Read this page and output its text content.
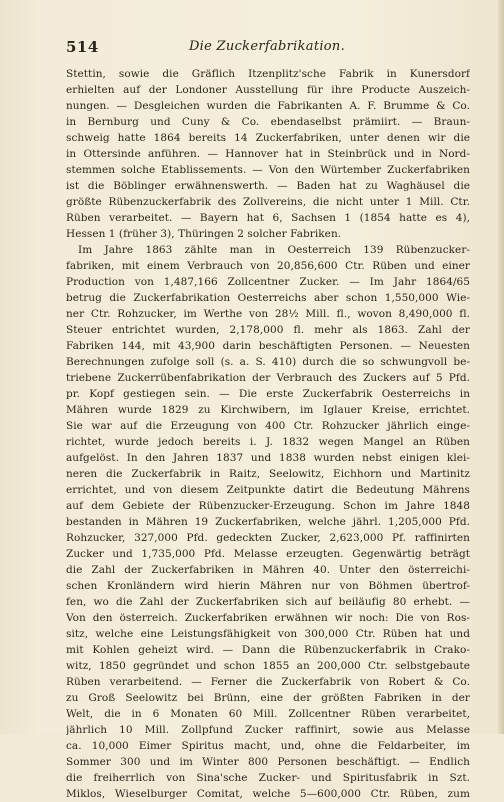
514	Die Zuckerfabrikation.
Stettin, sowie die Gräflich Itzenplitz'sche Fabrik in Kunersdorf
erhielten auf der Londoner Ausstellung für ihre Producte Auszeich-
nungen. — Desgleichen wurden die Fabrikanten A. F. Brumme & Co.
in Bernburg und Cuny & Co. ebendaselbst prämiirt. — Braun-
schweig hatte 1864 bereits 14 Zuckerfabriken, unter denen wir die
in Ottersinde anführen. — Hannover hat in Steinbrück und in Nord-
stemmen solche Etablissements. — Von den Würtember Zuckerfabriken
ist die Böblinger erwähnenswerth. — Baden hat zu Waghäusel die
größte Rübenzuckerfabrik des Zollvereins, die nicht unter 1 Mill. Ctr.
Rüben verarbeitet. — Bayern hat 6, Sachsen 1 (1854 hatte es 4),
Hessen 1 (früher 3), Thüringen 2 solcher Fabriken.
Im Jahre 1863 zählte man in Oesterreich 139 Rübenzucker-
fabriken, mit einem Verbrauch von 20,856,600 Ctr. Rüben und einer
Production von 1,487,166 Zollcentner Zucker. — Im Jahr 1864/65
betrug die Zuckerfabrikation Oesterreichs aber schon 1,550,000 Wie-
ner Ctr. Rohzucker, im Werthe von 28½ Mill. fl., wovon 8,490,000 fl.
Steuer entrichtet wurden, 2,178,000 fl. mehr als 1863. Zahl der
Fabriken 144, mit 43,900 darin beschäftigten Personen. — Neuesten
Berechnungen zufolge soll (s. a. S. 410) durch die so schwungvoll be-
triebene Zuckerrübenfabrikation der Verbrauch des Zuckers auf 5 Pfd.
pr. Kopf gestiegen sein. — Die erste Zuckerfabrik Oesterreichs in
Mähren wurde 1829 zu Kirchwibern, im Iglauer Kreise, errichtet.
Sie war auf die Erzeugung von 400 Ctr. Rohzucker jährlich einge-
richtet, wurde jedoch bereits i. J. 1832 wegen Mangel an Rüben
aufgelöst. In den Jahren 1837 und 1838 wurden nebst einigen klei-
neren die Zuckerfabrik in Raitz, Seelowitz, Eichhorn und Martinitz
errichtet, und von diesem Zeitpunkte datirt die Bedeutung Mährens
auf dem Gebiete der Rübenzucker-Erzeugung. Schon im Jahre 1848
bestanden in Mähren 19 Zuckerfabriken, welche jährl. 1,205,000 Pfd.
Rohzucker, 327,000 Pfd. gedeckten Zucker, 2,623,000 Pf. raffinirten
Zucker und 1,735,000 Pfd. Melasse erzeugten. Gegenwärtig beträgt
die Zahl der Zuckerfabriken in Mähren 40. Unter den österreichi-
schen Kronländern wird hierin Mähren nur von Böhmen übertrof-
fen, wo die Zahl der Zuckerfabriken sich auf beiläufig 80 erhebt. —
Von den österreich. Zuckerfabriken erwähnen wir noch: Die von Ros-
sitz, welche eine Leistungsfähigkeit von 300,000 Ctr. Rüben hat und
mit Kohlen geheizt wird. — Dann die Rübenzuckerfabrik in Crako-
witz, 1850 gegründet und schon 1855 an 200,000 Ctr. selbstgebaute
Rüben verarbeitend. — Ferner die Zuckerfabrik von Robert & Co.
zu Groß Seelowitz bei Brünn, eine der größten Fabriken in der
Welt, die in 6 Monaten 60 Mill. Zollcentner Rüben verarbeitet,
jährlich 10 Mill. Zollpfund Zucker raffinirt, sowie aus Melasse
ca. 10,000 Eimer Spiritus macht, und, ohne die Feldarbeiter, im
Sommer 300 und im Winter 800 Personen beschäftigt. — Endlich
die freiherrlich von Sina'sche Zucker- und Spiritusfabrik in Szt.
Miklos, Wieselburger Comitat, welche 5—600,000 Ctr. Rüben, zum
